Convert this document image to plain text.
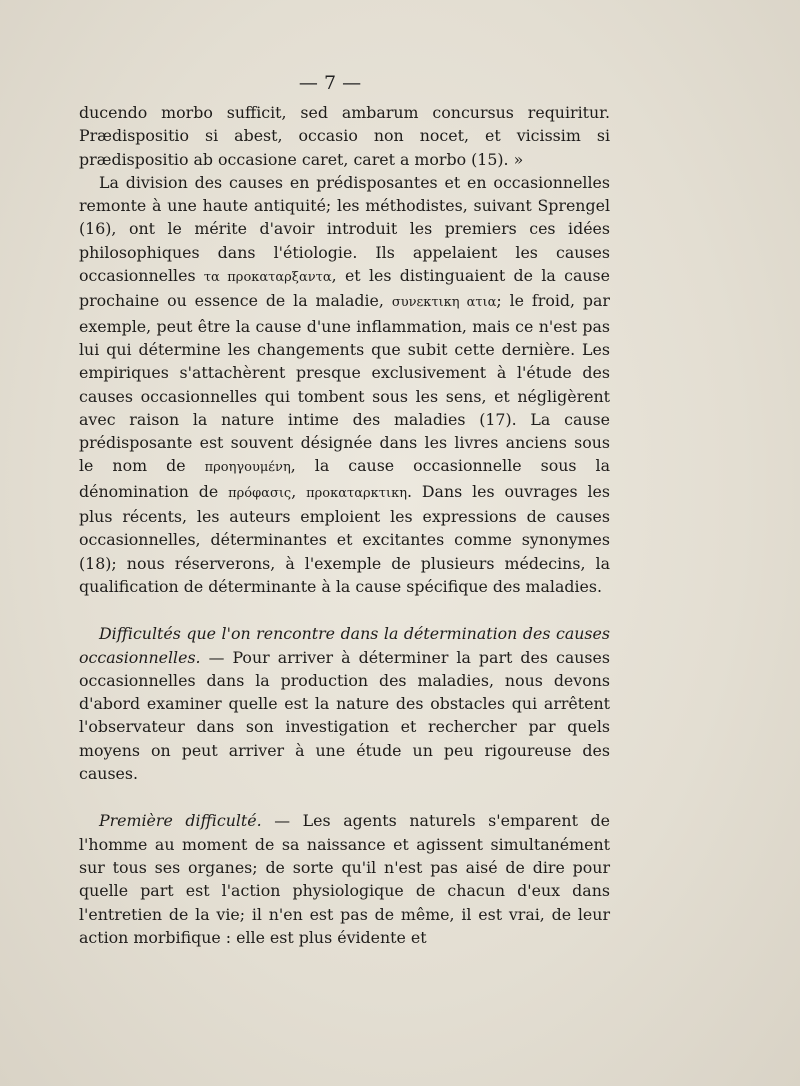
— 7 —

ducendo morbo sufficit, sed ambarum concursus requiritur. Prædispositio si abest, occasio non nocet, et vicissim si prædispositio ab occasione caret, caret a morbo (15). »

La division des causes en prédisposantes et en occasionnelles remonte à une haute antiquité; les méthodistes, suivant Sprengel (16), ont le mérite d'avoir introduit les premiers ces idées philosophiques dans l'étiologie. Ils appelaient les causes occasionnelles τα προκαταρξαντα, et les distinguaient de la cause prochaine ou essence de la maladie, συνεκτικη ατια; le froid, par exemple, peut être la cause d'une inflammation, mais ce n'est pas lui qui détermine les changements que subit cette dernière. Les empiriques s'attachèrent presque exclusivement à l'étude des causes occasionnelles qui tombent sous les sens, et négligèrent avec raison la nature intime des maladies (17). La cause prédisposante est souvent désignée dans les livres anciens sous le nom de προηγουμένη, la cause occasionnelle sous la dénomination de πρόφασις, προκαταρκτικη. Dans les ouvrages les plus récents, les auteurs emploient les expressions de causes occasionnelles, déterminantes et excitantes comme synonymes (18); nous réserverons, à l'exemple de plusieurs médecins, la qualification de déterminante à la cause spécifique des maladies.

Difficultés que l'on rencontre dans la détermination des causes occasionnelles. — Pour arriver à déterminer la part des causes occasionnelles dans la production des maladies, nous devons d'abord examiner quelle est la nature des obstacles qui arrêtent l'observateur dans son investigation et rechercher par quels moyens on peut arriver à une étude un peu rigoureuse des causes.

Première difficulté. — Les agents naturels s'emparent de l'homme au moment de sa naissance et agissent simultanément sur tous ses organes; de sorte qu'il n'est pas aisé de dire pour quelle part est l'action physiologique de chacun d'eux dans l'entretien de la vie; il n'en est pas de même, il est vrai, de leur action morbifique : elle est plus évidente et
